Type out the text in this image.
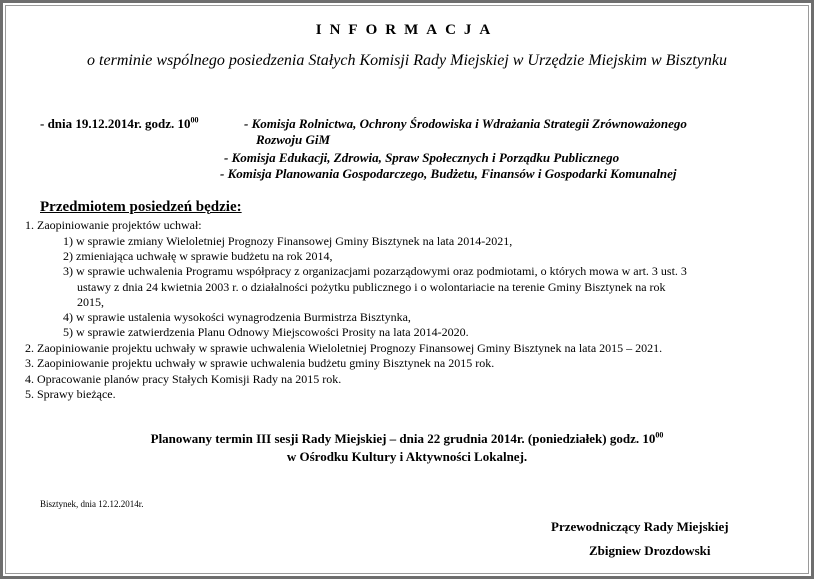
INFORMACJA
o terminie wspólnego posiedzenia Stałych Komisji Rady Miejskiej w Urzędzie Miejskim w Bisztynku
- dnia 19.12.2014r. godz. $10^{00}$	- Komisja Rolnictwa, Ochrony Środowiska i Wdrażania Strategii Zrównoważonego
Rozwoju GiM
- Komisja Edukacji, Zdrowia, Spraw Społecznych i Porządku Publicznego
- Komisja Planowania Gospodarczego, Budżetu, Finansów i Gospodarki Komunalnej
Przedmiotem posiedzeń będzie:
1. Zaopiniowanie projektów uchwał:
1) w sprawie zmiany Wieloletniej Prognozy Finansowej Gminy Bisztynek na lata 2014-2021,
2) zmieniająca uchwałę w sprawie budżetu na rok 2014,
3) w sprawie uchwalenia Programu współpracy z organizacjami pozarządowymi oraz podmiotami, o których mowa w art. 3 ust. 3
ustawy z dnia 24 kwietnia 2003 r. o działalności pożytku publicznego i o wolontariacie na terenie Gminy Bisztynek na rok
2015,
4) w sprawie ustalenia wysokości wynagrodzenia Burmistrza Bisztynka,
5) w sprawie zatwierdzenia Planu Odnowy Miejscowości Prosity na lata 2014-2020.
2. Zaopiniowanie projektu uchwały w sprawie uchwalenia Wieloletniej Prognozy Finansowej Gminy Bisztynek na lata 2015 – 2021.
3. Zaopiniowanie projektu uchwały w sprawie uchwalenia budżetu gminy Bisztynek na 2015 rok.
4. Opracowanie planów pracy Stałych Komisji Rady na 2015 rok.
5. Sprawy bieżące.
Planowany termin III sesji Rady Miejskiej – dnia 22 grudnia 2014r. (poniedziałek) godz. $10^{00}$
w Ośrodku Kultury i Aktywności Lokalnej.
Bisztynek, dnia 12.12.2014r.
Przewodniczący Rady Miejskiej
Zbigniew Drozdowski
